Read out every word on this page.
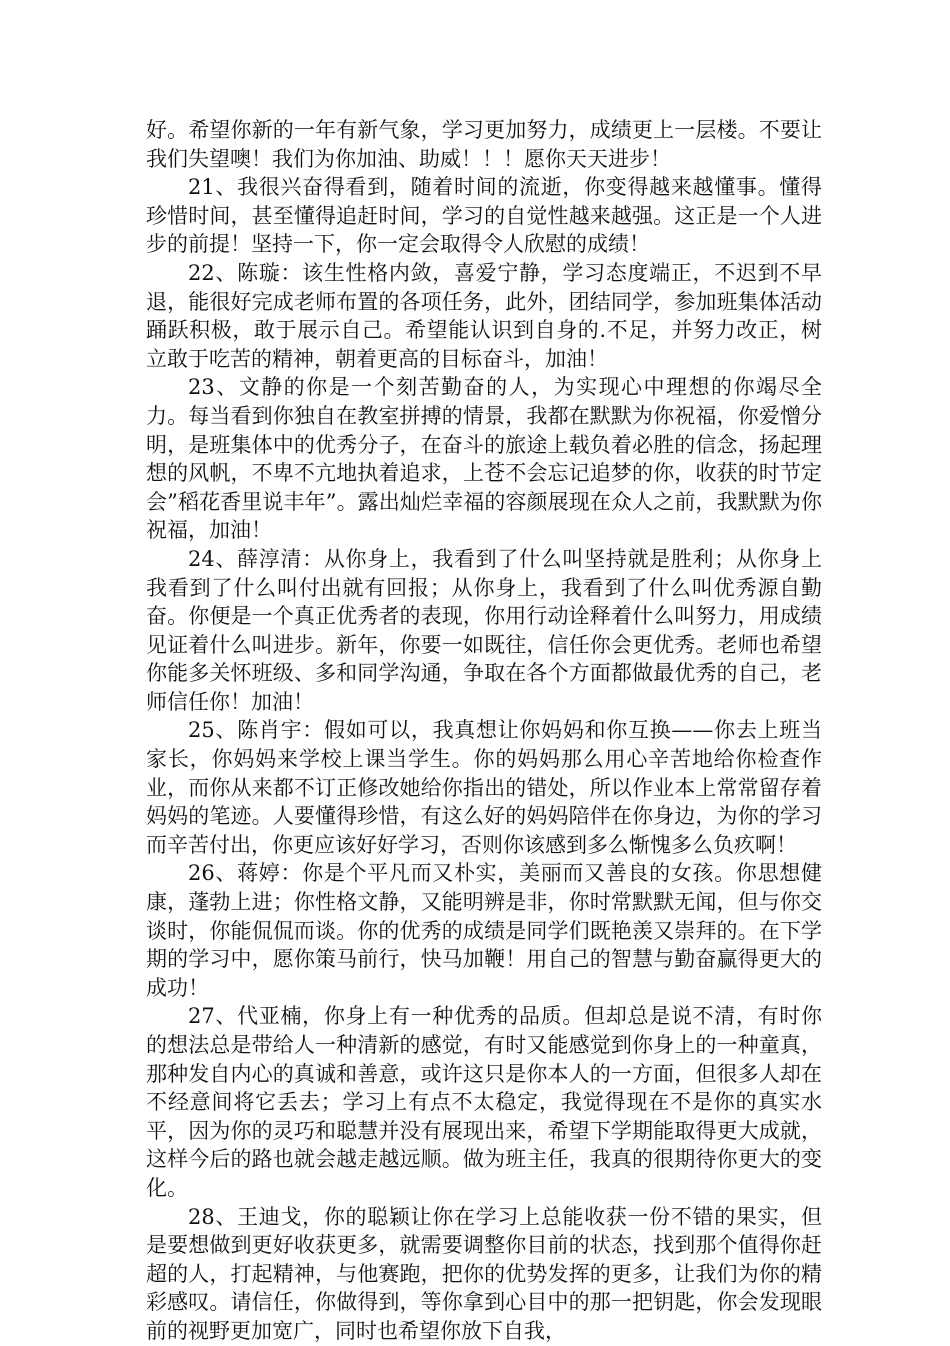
好。希望你新的一年有新气象，学习更加努力，成绩更上一层楼。不要让我们失望噢！我们为你加油、助威！！！愿你天天进步！

21、我很兴奋得看到，随着时间的流逝，你变得越来越懂事。懂得珍惜时间，甚至懂得追赶时间，学习的自觉性越来越强。这正是一个人进步的前提！坚持一下，你一定会取得令人欣慰的成绩！

22、陈璇：该生性格内敛，喜爱宁静，学习态度端正，不迟到不早退，能很好完成老师布置的各项任务，此外，团结同学，参加班集体活动踊跃积极，敢于展示自己。希望能认识到自身的.不足，并努力改正，树立敢于吃苦的精神，朝着更高的目标奋斗，加油！

23、文静的你是一个刻苦勤奋的人，为实现心中理想的你竭尽全力。每当看到你独自在教室拼搏的情景，我都在默默为你祝福，你爱憎分明，是班集体中的优秀分子，在奋斗的旅途上载负着必胜的信念，扬起理想的风帆，不卑不亢地执着追求，上苍不会忘记追梦的你，收获的时节定会”稻花香里说丰年”。露出灿烂幸福的容颜展现在众人之前，我默默为你祝福，加油！

24、薛淳清：从你身上，我看到了什么叫坚持就是胜利；从你身上我看到了什么叫付出就有回报；从你身上，我看到了什么叫优秀源自勤奋。你便是一个真正优秀者的表现，你用行动诠释着什么叫努力，用成绩见证着什么叫进步。新年，你要一如既往，信任你会更优秀。老师也希望你能多关怀班级、多和同学沟通，争取在各个方面都做最优秀的自己，老师信任你！加油！

25、陈肖宇：假如可以，我真想让你妈妈和你互换——你去上班当家长，你妈妈来学校上课当学生。你的妈妈那么用心辛苦地给你检查作业，而你从来都不订正修改她给你指出的错处，所以作业本上常常留存着妈妈的笔迹。人要懂得珍惜，有这么好的妈妈陪伴在你身边，为你的学习而辛苦付出，你更应该好好学习，否则你该感到多么惭愧多么负疚啊！

26、蒋婷：你是个平凡而又朴实，美丽而又善良的女孩。你思想健康，蓬勃上进；你性格文静，又能明辨是非，你时常默默无闻，但与你交谈时，你能侃侃而谈。你的优秀的成绩是同学们既艳羡又崇拜的。在下学期的学习中，愿你策马前行，快马加鞭！用自己的智慧与勤奋赢得更大的成功！

27、代亚楠，你身上有一种优秀的品质。但却总是说不清，有时你的想法总是带给人一种清新的感觉，有时又能感觉到你身上的一种童真，那种发自内心的真诚和善意，或许这只是你本人的一方面，但很多人却在不经意间将它丢去；学习上有点不太稳定，我觉得现在不是你的真实水平，因为你的灵巧和聪慧并没有展现出来，希望下学期能取得更大成就，这样今后的路也就会越走越远顺。做为班主任，我真的很期待你更大的变化。

28、王迪戈，你的聪颖让你在学习上总能收获一份不错的果实，但是要想做到更好收获更多，就需要调整你目前的状态，找到那个值得你赶超的人，打起精神，与他赛跑，把你的优势发挥的更多，让我们为你的精彩感叹。请信任，你做得到，等你拿到心目中的那一把钥匙，你会发现眼前的视野更加宽广，同时也希望你放下自我，
